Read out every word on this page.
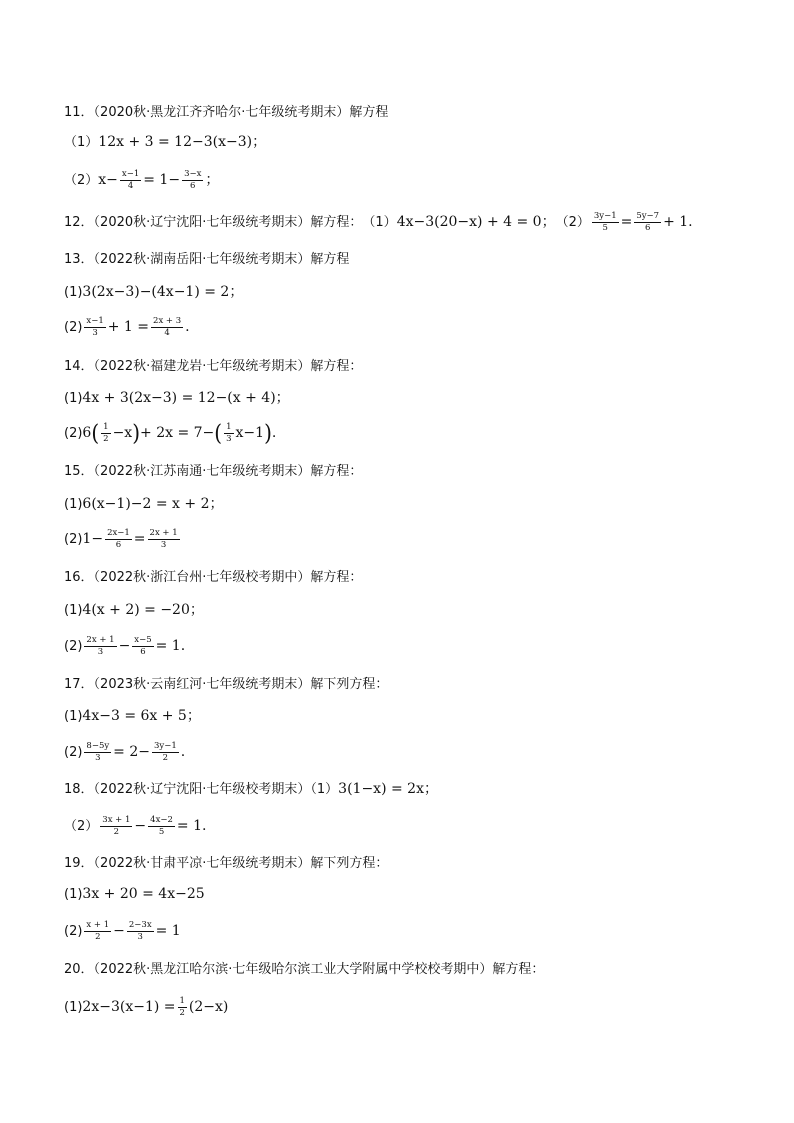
11．（2020秋·黑龙江齐齐哈尔·七年级统考期末）解方程
（1） 12x + 3 = 12−3(x−3)；
（2） $x- \frac{x-1}{4} = 1- \frac{3-x}{6}$ ；
12．（2020秋·辽宁沈阳·七年级统考期末）解方程： （1） 4x−3(20−x) + 4 = 0； $(2) \frac{3y-1}{5} = \frac{5y-7}{6} + 1$.
13．（2022秋·湖南岳阳·七年级统考期末）解方程
(1) 3(2x−3)−(4x−1) = 2；
$(2) \frac{x-1}{3} + 1 = \frac{2x + 3}{4}$ .
14．（2022秋·福建龙岩·七年级统考期末）解方程：
(1) 4x + 3(2x−3) = 12−(x + 4)；
(2) 6 ( $\frac{1}{2} -x$ ) + 2x = 7− ( $\frac{1}{3} x-1$ ) .
15．（2022秋·江苏南通·七年级统考期末）解方程：
(1) 6(x−1)−2 = x + 2；
(2) $1- \frac{2x-1}{6} = \frac{2x + 1}{3}$
16．（2022秋·浙江台州·七年级校考期中）解方程：
(1) 4(x + 2) = −20；
$(2) \frac{2x + 1}{3} - \frac{x-5}{6} = 1$.
17．（2023秋·云南红河·七年级统考期末）解下列方程：
(1) 4x−3 = 6x + 5；
$(2) \frac{8-5y}{3} = 2- \frac{3y-1}{2}$ .
18．（2022秋·辽宁沈阳·七年级校考期末）（1） 3(1−x) = 2x；
$(2) \frac{3x + 1}{2} - \frac{4x-2}{5} = 1$.
19．（2022秋·甘肃平凉·七年级统考期末）解下列方程：
(1) 3x + 20 = 4x−25
$(2) \frac{x + 1}{2} - \frac{2-3x}{3} = 1$
20．（2022秋·黑龙江哈尔滨·七年级哈尔滨工业大学附属中学校校考期中）解方程：
(1) $2x-3(x-1) = \frac{1}{2} (2-x)$
